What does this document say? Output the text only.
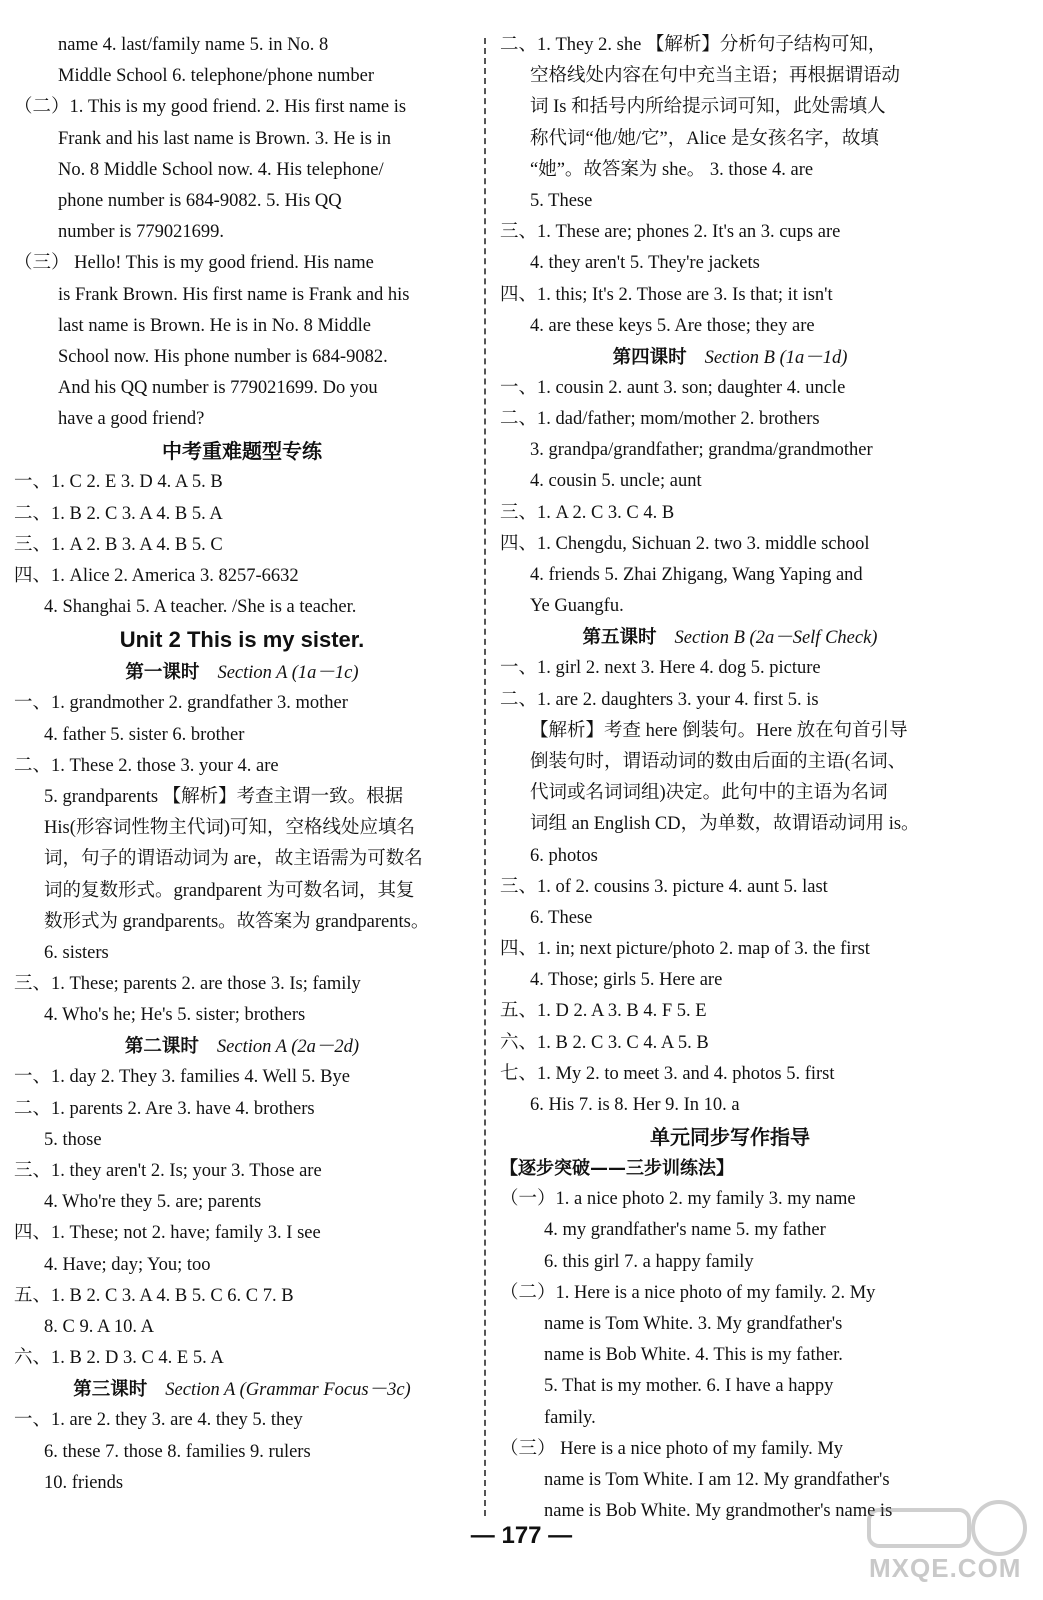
name 4. last/family name 5. in No. 8
Middle School 6. telephone/phone number
（二）1. This is my good friend. 2. His first name is
Frank and his last name is Brown. 3. He is in
No. 8 Middle School now. 4. His telephone/
phone number is 684-9082. 5. His QQ
number is 779021699.
（三） Hello! This is my good friend. His name
is Frank Brown. His first name is Frank and his
last name is Brown. He is in No. 8 Middle
School now. His phone number is 684-9082.
And his QQ number is 779021699. Do you
have a good friend?
中考重难题型专练
一、1. C 2. E 3. D 4. A 5. B
二、1. B 2. C 3. A 4. B 5. A
三、1. A 2. B 3. A 4. B 5. C
四、1. Alice 2. America 3. 8257-6632
4. Shanghai 5. A teacher. /She is a teacher.
Unit 2 This is my sister.
第一课时 Section A (1a－1c)
一、1. grandmother 2. grandfather 3. mother
4. father 5. sister 6. brother
二、1. These 2. those 3. your 4. are
5. grandparents 【解析】考查主谓一致。根据
His(形容词性物主代词)可知，空格线处应填名
词，句子的谓语动词为 are，故主语需为可数名
词的复数形式。grandparent 为可数名词，其复
数形式为 grandparents。故答案为 grandparents。
6. sisters
三、1. These; parents 2. are those 3. Is; family
4. Who's he; He's 5. sister; brothers
第二课时 Section A (2a－2d)
一、1. day 2. They 3. families 4. Well 5. Bye
二、1. parents 2. Are 3. have 4. brothers
5. those
三、1. they aren't 2. Is; your 3. Those are
4. Who're they 5. are; parents
四、1. These; not 2. have; family 3. I see
4. Have; day; You; too
五、1. B 2. C 3. A 4. B 5. C 6. C 7. B
8. C 9. A 10. A
六、1. B 2. D 3. C 4. E 5. A
第三课时 Section A (Grammar Focus－3c)
一、1. are 2. they 3. are 4. they 5. they
6. these 7. those 8. families 9. rulers
10. friends
二、1. They 2. she 【解析】分析句子结构可知，
空格线处内容在句中充当主语；再根据谓语动
词 Is 和括号内所给提示词可知，此处需填人
称代词“他/她/它”，Alice 是女孩名字，故填
“她”。故答案为 she。 3. those 4. are
5. These
三、1. These are; phones 2. It's an 3. cups are
4. they aren't 5. They're jackets
四、1. this; It's 2. Those are 3. Is that; it isn't
4. are these keys 5. Are those; they are
第四课时 Section B (1a－1d)
一、1. cousin 2. aunt 3. son; daughter 4. uncle
二、1. dad/father; mom/mother 2. brothers
3. grandpa/grandfather; grandma/grandmother
4. cousin 5. uncle; aunt
三、1. A 2. C 3. C 4. B
四、1. Chengdu, Sichuan 2. two 3. middle school
4. friends 5. Zhai Zhigang, Wang Yaping and
Ye Guangfu.
第五课时 Section B (2a－Self Check)
一、1. girl 2. next 3. Here 4. dog 5. picture
二、1. are 2. daughters 3. your 4. first 5. is
【解析】考查 here 倒装句。Here 放在句首引导
倒装句时，谓语动词的数由后面的主语(名词、
代词或名词词组)决定。此句中的主语为名词
词组 an English CD，为单数，故谓语动词用 is。
6. photos
三、1. of 2. cousins 3. picture 4. aunt 5. last
6. These
四、1. in; next picture/photo 2. map of 3. the first
4. Those; girls 5. Here are
五、1. D 2. A 3. B 4. F 5. E
六、1. B 2. C 3. C 4. A 5. B
七、1. My 2. to meet 3. and 4. photos 5. first
6. His 7. is 8. Her 9. In 10. a
单元同步写作指导
【逐步突破——三步训练法】
（一）1. a nice photo 2. my family 3. my name
4. my grandfather's name 5. my father
6. this girl 7. a happy family
（二）1. Here is a nice photo of my family. 2. My
name is Tom White. 3. My grandfather's
name is Bob White. 4. This is my father.
5. That is my mother. 6. I have a happy
family.
（三） Here is a nice photo of my family. My
name is Tom White. I am 12. My grandfather's
name is Bob White. My grandmother's name is
— 177 —
MXQE.COM
